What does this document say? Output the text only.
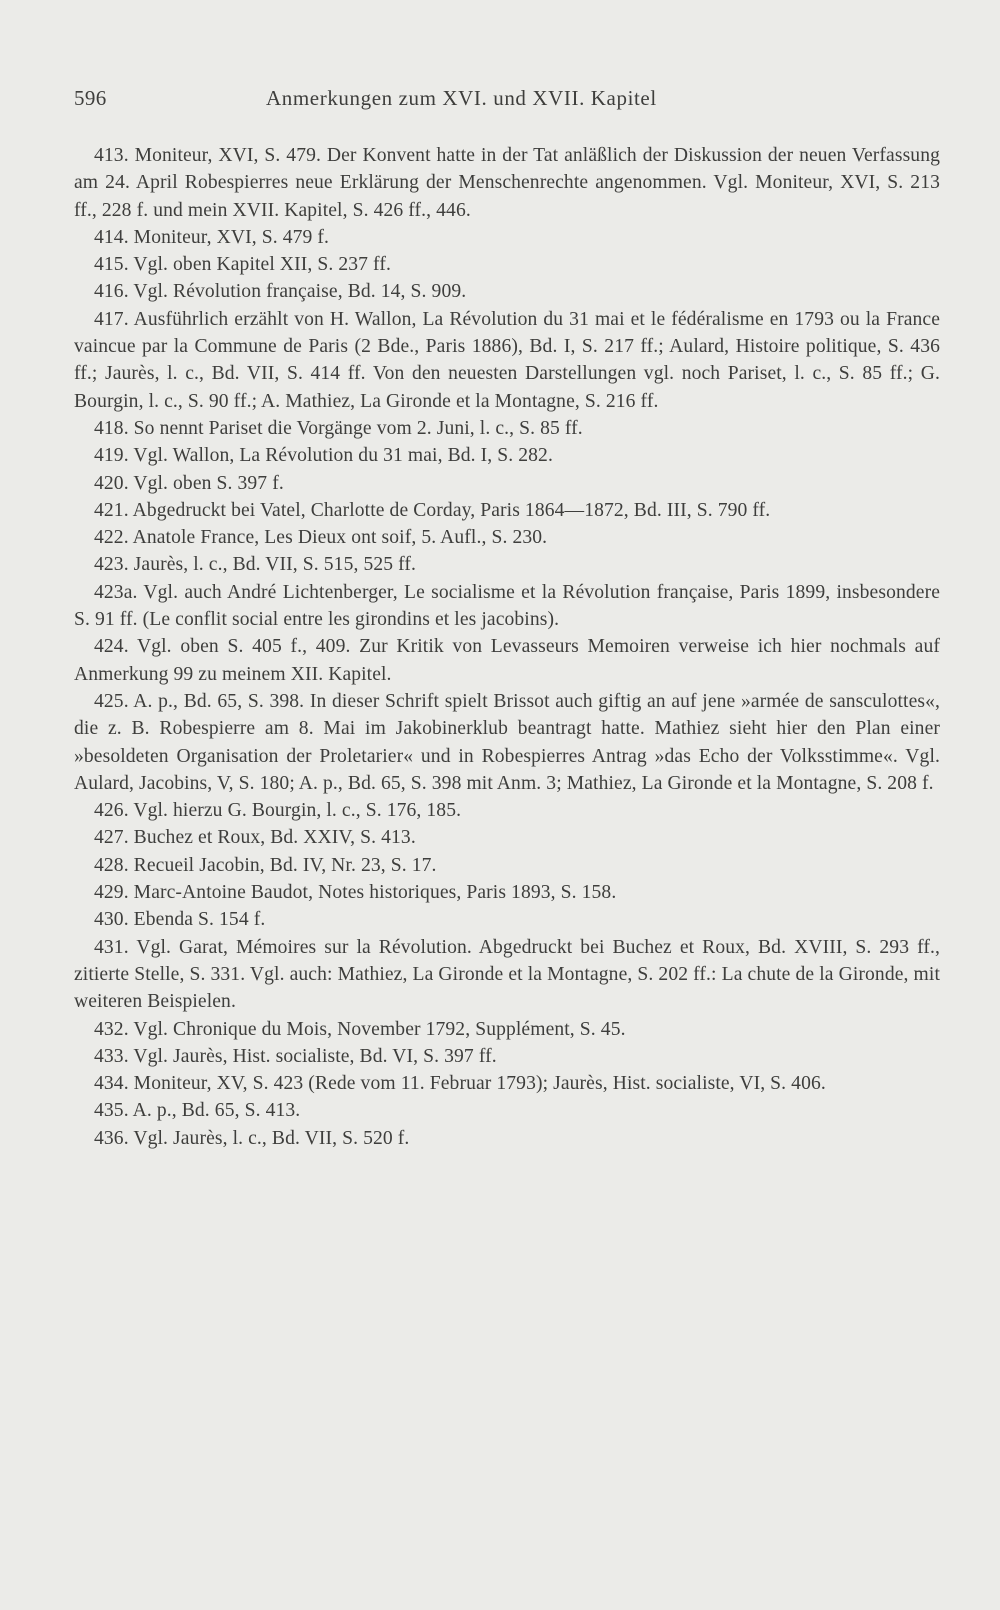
596	Anmerkungen zum XVI. und XVII. Kapitel

413. Moniteur, XVI, S. 479. Der Konvent hatte in der Tat anläßlich der Diskussion der neuen Verfassung am 24. April Robespierres neue Erklärung der Menschenrechte angenommen. Vgl. Moniteur, XVI, S. 213 ff., 228 f. und mein XVII. Kapitel, S. 426 ff., 446.

414. Moniteur, XVI, S. 479 f.

415. Vgl. oben Kapitel XII, S. 237 ff.

416. Vgl. Révolution française, Bd. 14, S. 909.

417. Ausführlich erzählt von H. Wallon, La Révolution du 31 mai et le fédéralisme en 1793 ou la France vaincue par la Commune de Paris (2 Bde., Paris 1886), Bd. I, S. 217 ff.; Aulard, Histoire politique, S. 436 ff.; Jaurès, l. c., Bd. VII, S. 414 ff. Von den neuesten Darstellungen vgl. noch Pariset, l. c., S. 85 ff.; G. Bourgin, l. c., S. 90 ff.; A. Mathiez, La Gironde et la Montagne, S. 216 ff.

418. So nennt Pariset die Vorgänge vom 2. Juni, l. c., S. 85 ff.

419. Vgl. Wallon, La Révolution du 31 mai, Bd. I, S. 282.

420. Vgl. oben S. 397 f.

421. Abgedruckt bei Vatel, Charlotte de Corday, Paris 1864—1872, Bd. III, S. 790 ff.

422. Anatole France, Les Dieux ont soif, 5. Aufl., S. 230.

423. Jaurès, l. c., Bd. VII, S. 515, 525 ff.

423a. Vgl. auch André Lichtenberger, Le socialisme et la Révolution française, Paris 1899, insbesondere S. 91 ff. (Le conflit social entre les girondins et les jacobins).

424. Vgl. oben S. 405 f., 409. Zur Kritik von Levasseurs Memoiren verweise ich hier nochmals auf Anmerkung 99 zu meinem XII. Kapitel.

425. A. p., Bd. 65, S. 398. In dieser Schrift spielt Brissot auch giftig an auf jene »armée de sansculottes«, die z. B. Robespierre am 8. Mai im Jakobinerklub beantragt hatte. Mathiez sieht hier den Plan einer »besoldeten Organisation der Proletarier« und in Robespierres Antrag »das Echo der Volksstimme«. Vgl. Aulard, Jacobins, V, S. 180; A. p., Bd. 65, S. 398 mit Anm. 3; Mathiez, La Gironde et la Montagne, S. 208 f.

426. Vgl. hierzu G. Bourgin, l. c., S. 176, 185.

427. Buchez et Roux, Bd. XXIV, S. 413.

428. Recueil Jacobin, Bd. IV, Nr. 23, S. 17.

429. Marc-Antoine Baudot, Notes historiques, Paris 1893, S. 158.

430. Ebenda S. 154 f.

431. Vgl. Garat, Mémoires sur la Révolution. Abgedruckt bei Buchez et Roux, Bd. XVIII, S. 293 ff., zitierte Stelle, S. 331. Vgl. auch: Mathiez, La Gironde et la Montagne, S. 202 ff.: La chute de la Gironde, mit weiteren Beispielen.

432. Vgl. Chronique du Mois, November 1792, Supplément, S. 45.

433. Vgl. Jaurès, Hist. socialiste, Bd. VI, S. 397 ff.

434. Moniteur, XV, S. 423 (Rede vom 11. Februar 1793); Jaurès, Hist. socialiste, VI, S. 406.

435. A. p., Bd. 65, S. 413.

436. Vgl. Jaurès, l. c., Bd. VII, S. 520 f.
